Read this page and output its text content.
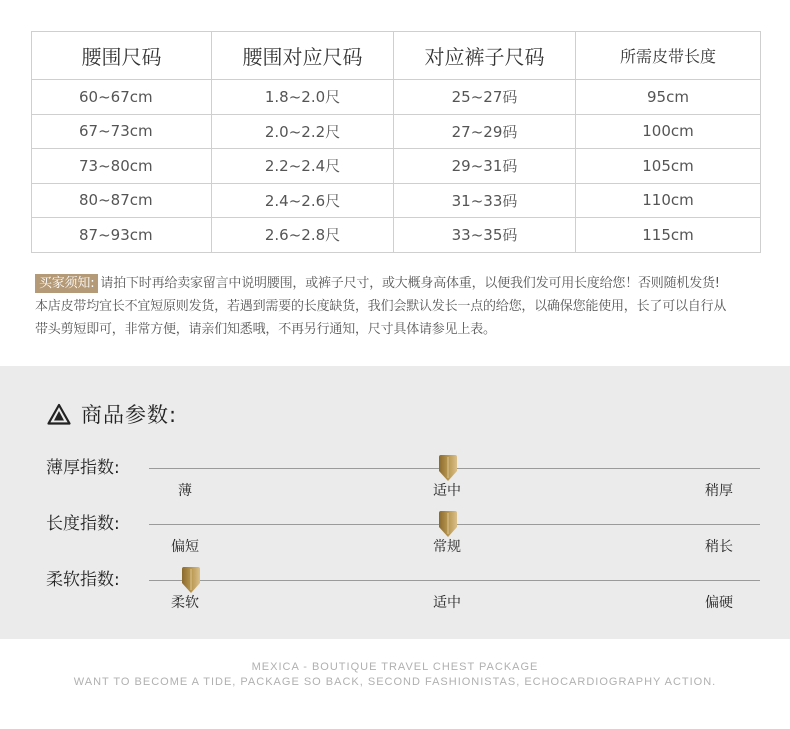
腰围尺码	腰围对应尺码	对应裤子尺码	所需皮带长度
60~67cm	1.8~2.0尺	25~27码	95cm
67~73cm	2.0~2.2尺	27~29码	100cm
73~80cm	2.2~2.4尺	29~31码	105cm
80~87cm	2.4~2.6尺	31~33码	110cm
87~93cm	2.6~2.8尺	33~35码	115cm
买家须知: 请拍下时再给卖家留言中说明腰围，或裤子尺寸，或大概身高体重，以便我们发可用长度给您！否则随机发货!
本店皮带均宜长不宜短原则发货，若遇到需要的长度缺货，我们会默认发长一点的给您，以确保您能使用，长了可以自行从
带头剪短即可，非常方便，请亲们知悉哦，不再另行通知，尺寸具体请参见上表。
商品参数:
薄厚指数:
薄	适中	稍厚
长度指数:
偏短	常规	稍长
柔软指数:
柔软	适中	偏硬
MEXICA - BOUTIQUE TRAVEL CHEST PACKAGE
WANT TO BECOME A TIDE, PACKAGE SO BACK, SECOND FASHIONISTAS, ECHOCARDIOGRAPHY ACTION.
